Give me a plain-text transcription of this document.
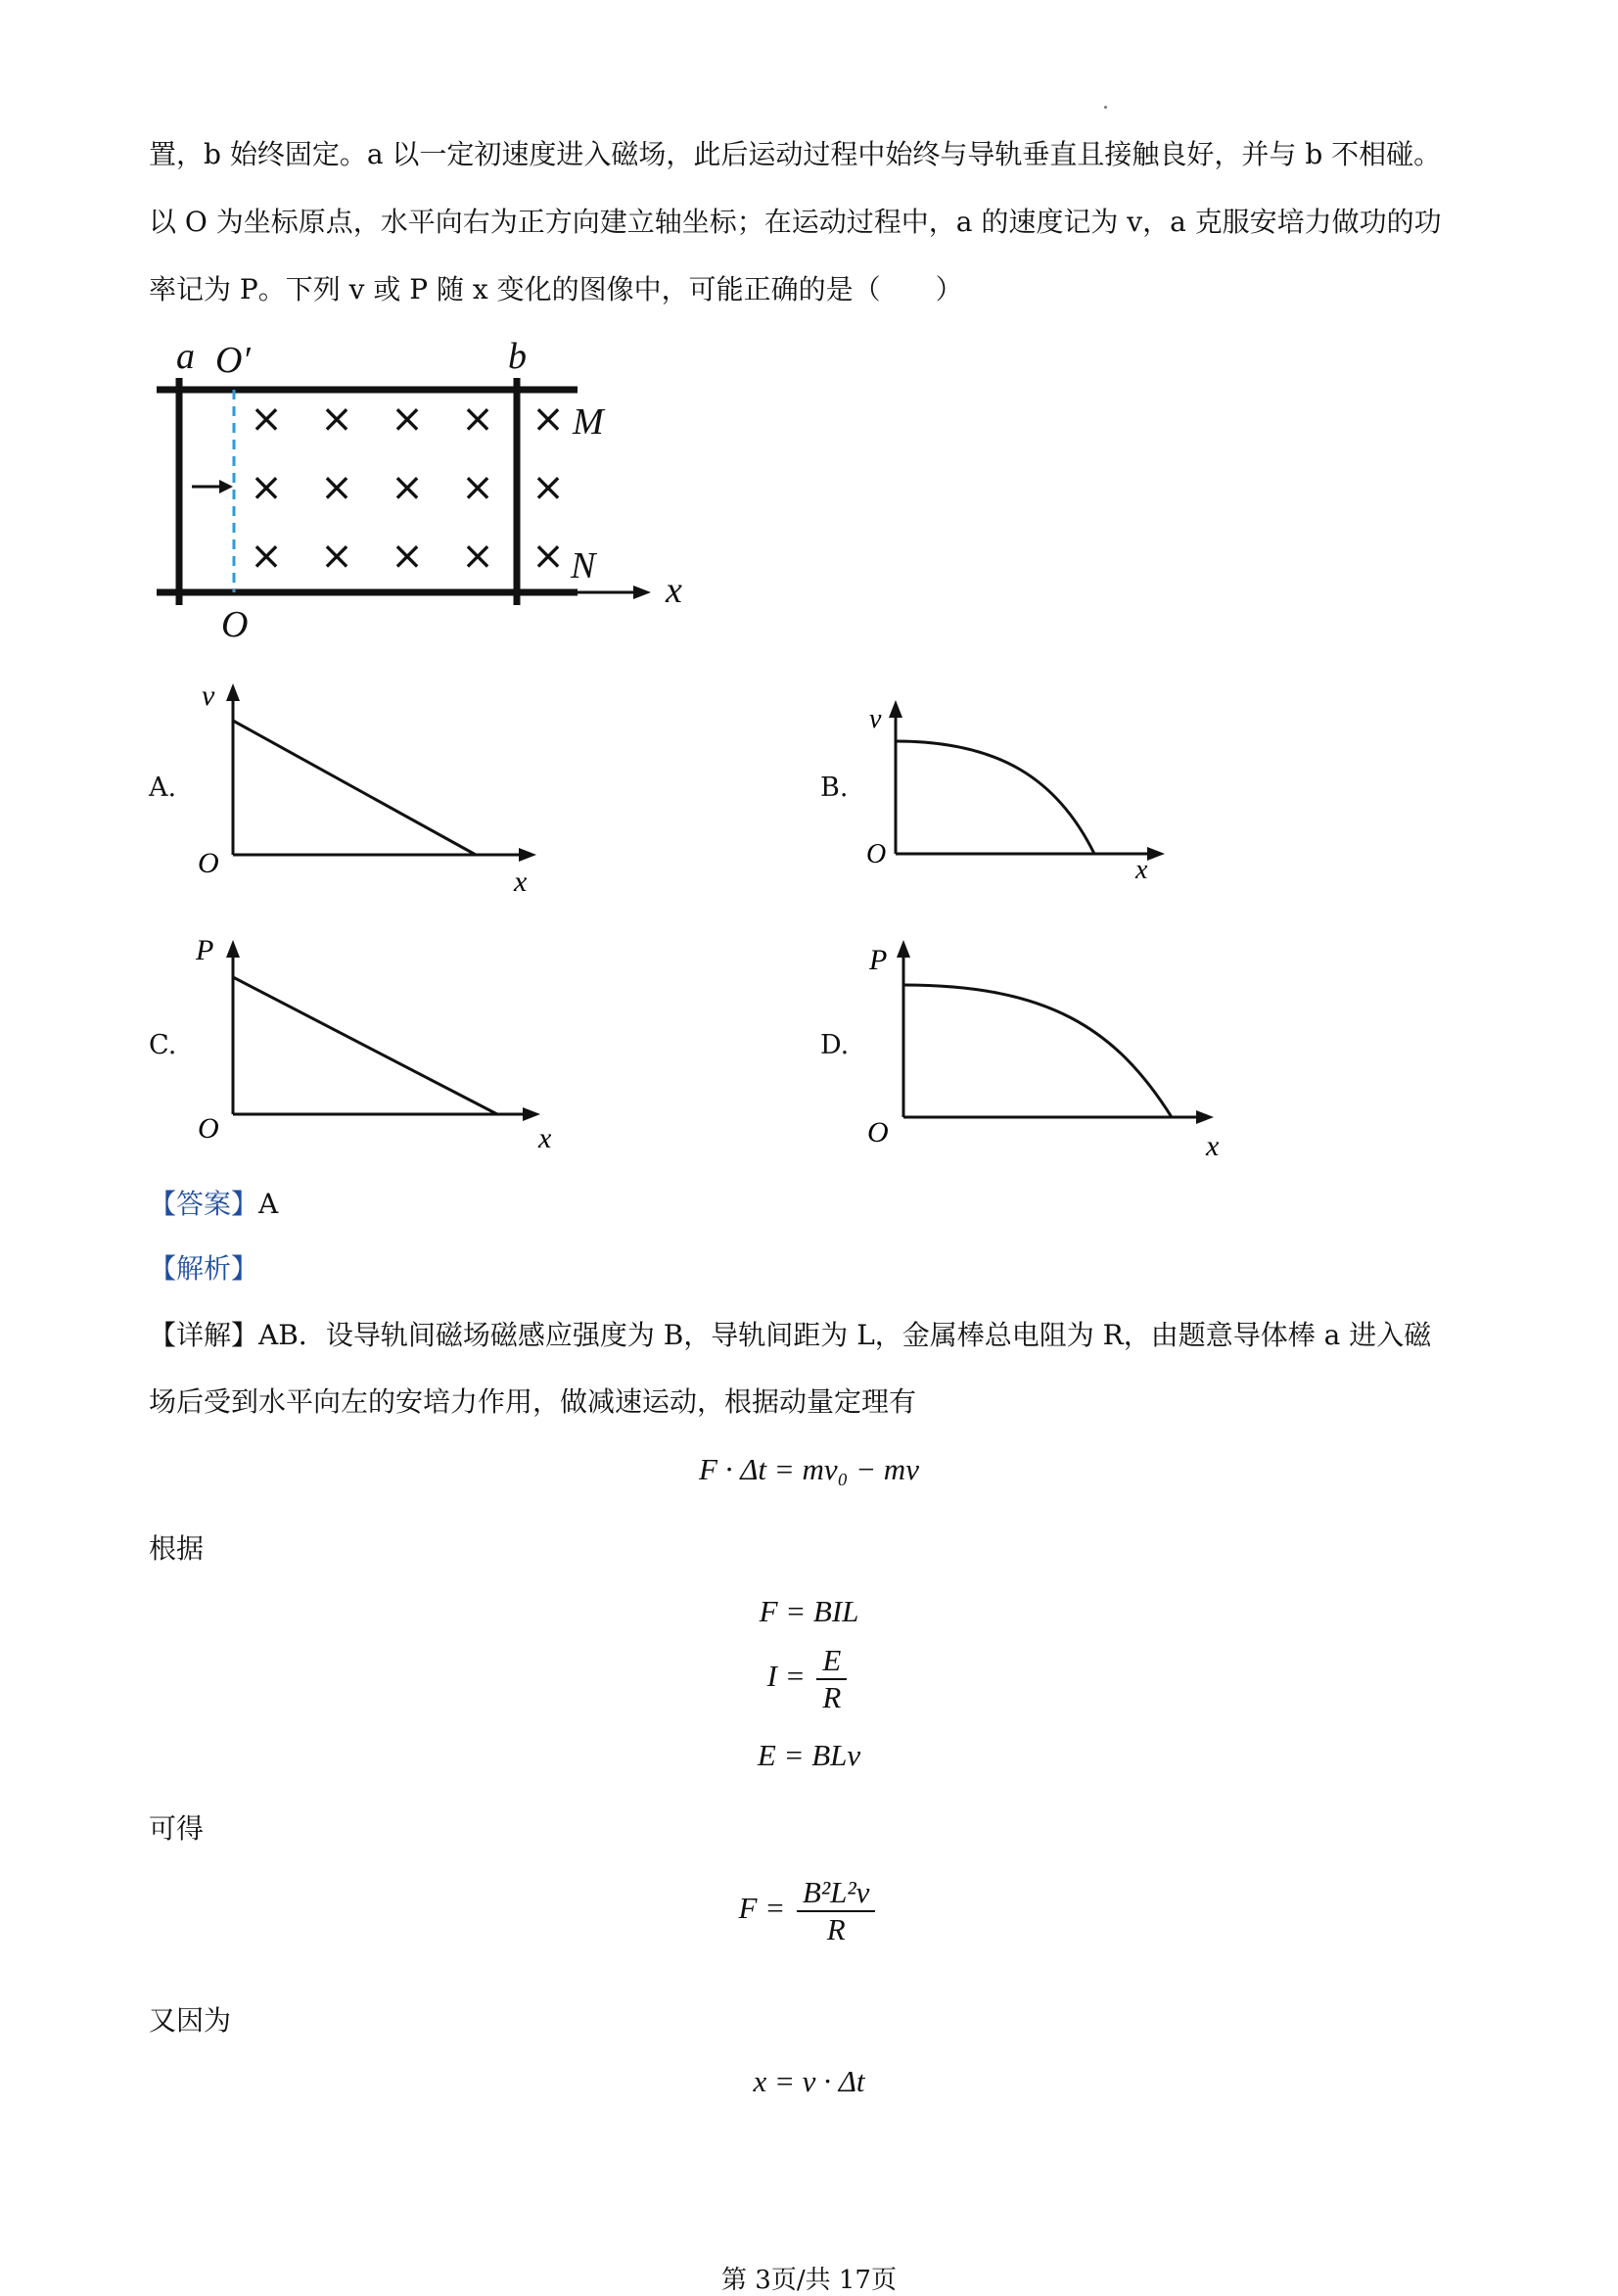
置，b 始终固定。a 以一定初速度进入磁场，此后运动过程中始终与导轨垂直且接触良好，并与 b 不相碰。

以 O 为坐标原点，水平向右为正方向建立轴坐标；在运动过程中，a 的速度记为 v，a 克服安培力做功的功

率记为 P。下列 v 或 P 随 x 变化的图像中，可能正确的是（　　）

× × × × ×
× × × × ×
× × × × ×
a O′	b
M
N
x
O
A.
v
O
x
B.
v
O
x
C.
P
O	x
D.
P
O	x

【答案】A

【解析】

【详解】AB．设导轨间磁场磁感应强度为 B，导轨间距为 L，金属棒总电阻为 R，由题意导体棒 a 进入磁

场后受到水平向左的安培力作用，做减速运动，根据动量定理有

F · Δt = mv₀ − mv

根据

F = BIL
$I = \frac{E}{R}$
E = BLv

可得

$F = \frac{\text{B²L²v}}{R}$

又因为

x = v · Δt
第 3页/共 17页
